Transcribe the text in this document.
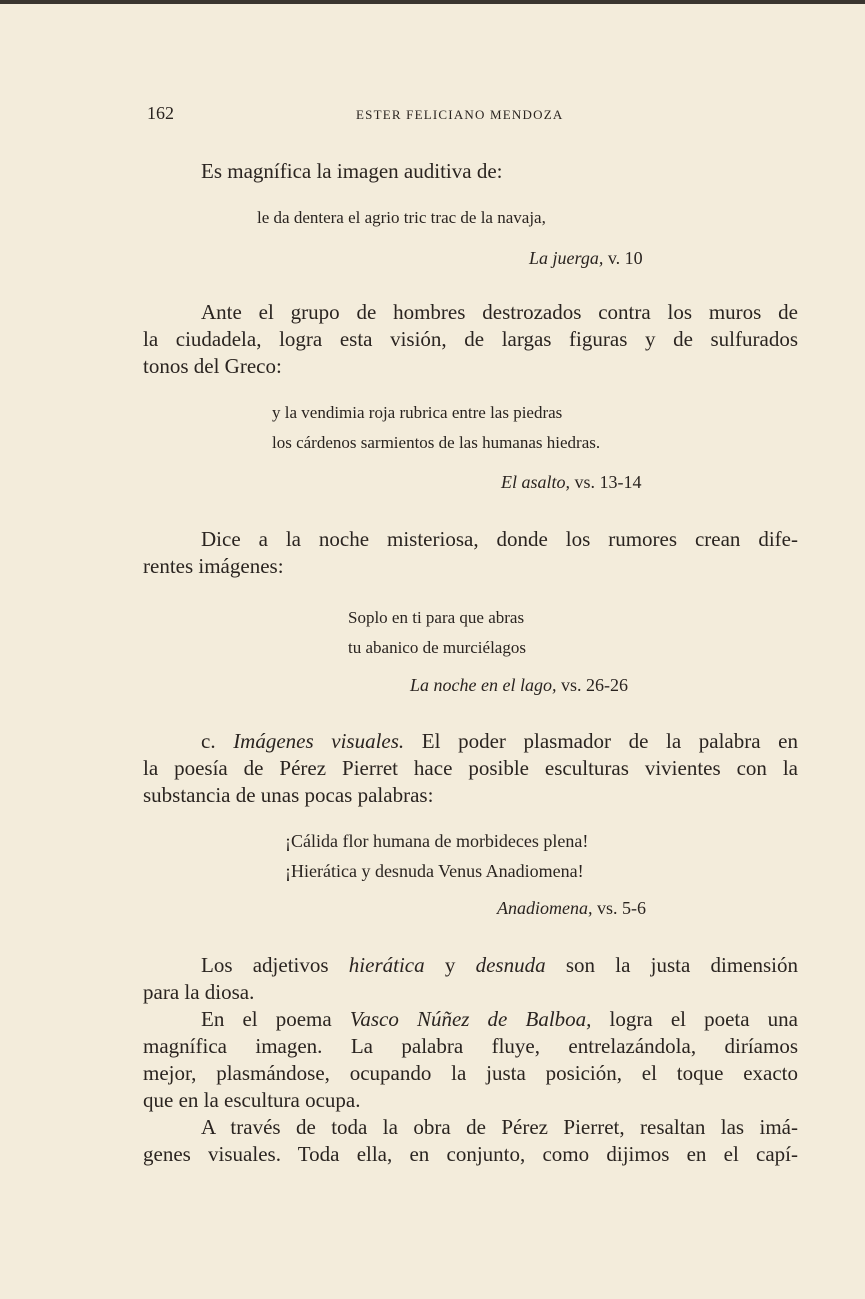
162	ESTER FELICIANO MENDOZA

Es magnífica la imagen auditiva de:

le da dentera el agrio tric trac de la navaja,

La juerga, v. 10

Ante el grupo de hombres destrozados contra los muros de

la ciudadela, logra esta visión, de largas figuras y de sulfurados

tonos del Greco:

y la vendimia roja rubrica entre las piedras
los cárdenos sarmientos de las humanas hiedras.
El asalto, vs. 13-14

Dice a la noche misteriosa, donde los rumores crean dife-

rentes imágenes:

Soplo en ti para que abras
tu abanico de murciélagos
La noche en el lago, vs. 26-26

c. Imágenes visuales. El poder plasmador de la palabra en

la poesía de Pérez Pierret hace posible esculturas vivientes con la

substancia de unas pocas palabras:

¡Cálida flor humana de morbideces plena!
¡Hierática y desnuda Venus Anadiomena!
Anadiomena, vs. 5-6

Los adjetivos hierática y desnuda son la justa dimensión

para la diosa.

En el poema Vasco Núñez de Balboa, logra el poeta una

magnífica imagen. La palabra fluye, entrelazándola, diríamos

mejor, plasmándose, ocupando la justa posición, el toque exacto

que en la escultura ocupa.

A través de toda la obra de Pérez Pierret, resaltan las imá-

genes visuales. Toda ella, en conjunto, como dijimos en el capí-
